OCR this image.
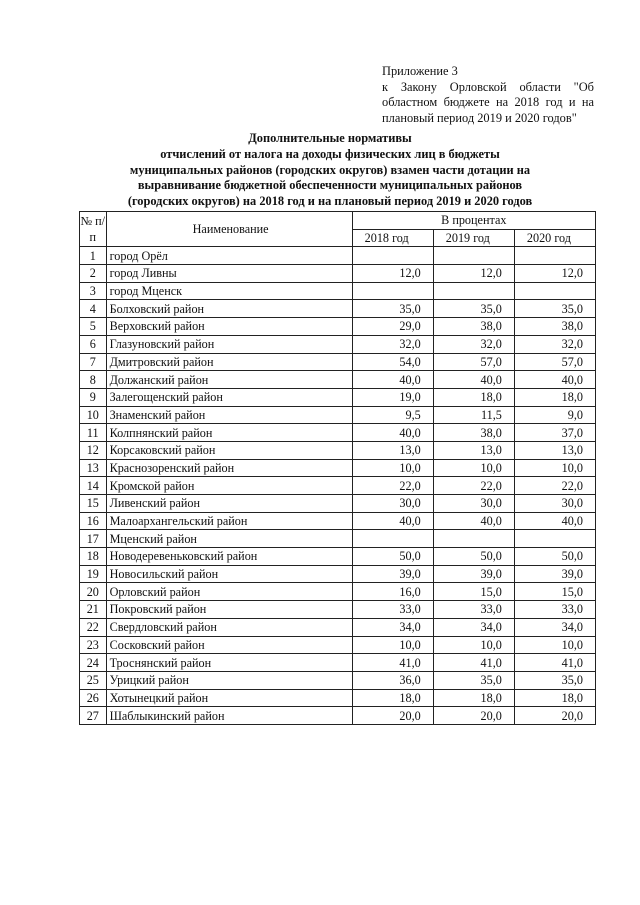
Приложение 3
к Закону Орловской области "Об
областном бюджете на 2018 год и на
плановый период 2019 и 2020 годов"
Дополнительные нормативы
отчислений от налога на доходы физических лиц в бюджеты
муниципальных районов (городских округов) взамен части дотации на
выравнивание бюджетной обеспеченности муниципальных районов
(городских округов) на 2018 год и на плановый период 2019 и 2020 годов
№ п/п	Наименование	В процентах		
		2018 год	2019 год	2020 год
1	город Орёл			
2	город Ливны	12,0	12,0	12,0
3	город Мценск			
4	Болховский район	35,0	35,0	35,0
5	Верховский район	29,0	38,0	38,0
6	Глазуновский район	32,0	32,0	32,0
7	Дмитровский район	54,0	57,0	57,0
8	Должанский район	40,0	40,0	40,0
9	Залегощенский район	19,0	18,0	18,0
10	Знаменский район	9,5	11,5	9,0
11	Колпнянский район	40,0	38,0	37,0
12	Корсаковский район	13,0	13,0	13,0
13	Краснозоренский район	10,0	10,0	10,0
14	Кромской район	22,0	22,0	22,0
15	Ливенский район	30,0	30,0	30,0
16	Малоархангельский район	40,0	40,0	40,0
17	Мценский район			
18	Новодеревеньковский район	50,0	50,0	50,0
19	Новосильский район	39,0	39,0	39,0
20	Орловский район	16,0	15,0	15,0
21	Покровский район	33,0	33,0	33,0
22	Свердловский район	34,0	34,0	34,0
23	Сосковский район	10,0	10,0	10,0
24	Троснянский район	41,0	41,0	41,0
25	Урицкий район	36,0	35,0	35,0
26	Хотынецкий район	18,0	18,0	18,0
27	Шаблыкинский район	20,0	20,0	20,0
